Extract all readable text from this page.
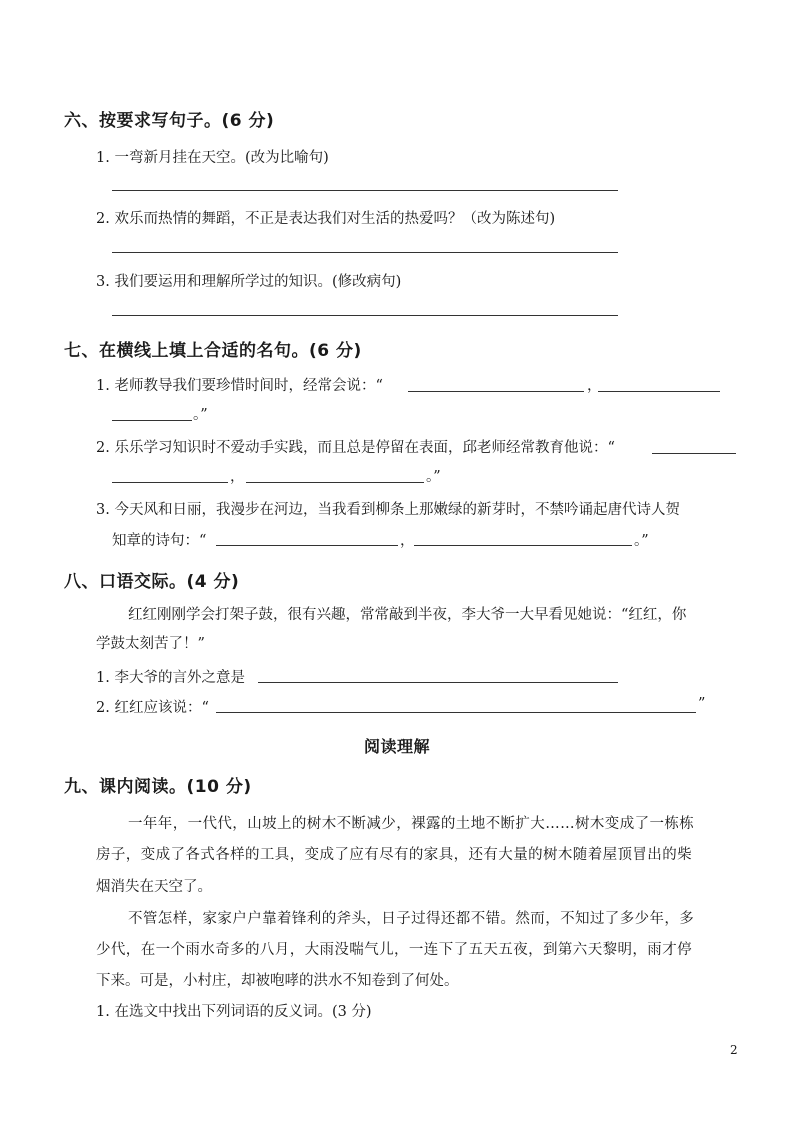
六、按要求写句子。(6 分)
1. 一弯新月挂在天空。(改为比喻句)
2. 欢乐而热情的舞蹈，不正是表达我们对生活的热爱吗？（改为陈述句)
3. 我们要运用和理解所学过的知识。(修改病句)
七、在横线上填上合适的名句。(6 分)
1. 老师教导我们要珍惜时间时，经常会说：“	，
。”
2. 乐乐学习知识时不爱动手实践，而且总是停留在表面，邱老师经常教育他说：“
，	。”
3. 今天风和日丽，我漫步在河边，当我看到柳条上那嫩绿的新芽时，不禁吟诵起唐代诗人贺
知章的诗句：“	，	。”
八、口语交际。(4 分)
红红刚刚学会打架子鼓，很有兴趣，常常敲到半夜，李大爷一大早看见她说：“红红，你
学鼓太刻苦了！”
1. 李大爷的言外之意是
2. 红红应该说：“	”
阅读理解
九、课内阅读。(10 分)
一年年，一代代，山坡上的树木不断减少，裸露的土地不断扩大……树木变成了一栋栋
房子，变成了各式各样的工具，变成了应有尽有的家具，还有大量的树木随着屋顶冒出的柴
烟消失在天空了。
不管怎样，家家户户靠着锋利的斧头，日子过得还都不错。然而，不知过了多少年，多
少代，在一个雨水奇多的八月，大雨没喘气儿，一连下了五天五夜，到第六天黎明，雨才停
下来。可是，小村庄，却被咆哮的洪水不知卷到了何处。
1. 在选文中找出下列词语的反义词。(3 分)
2
